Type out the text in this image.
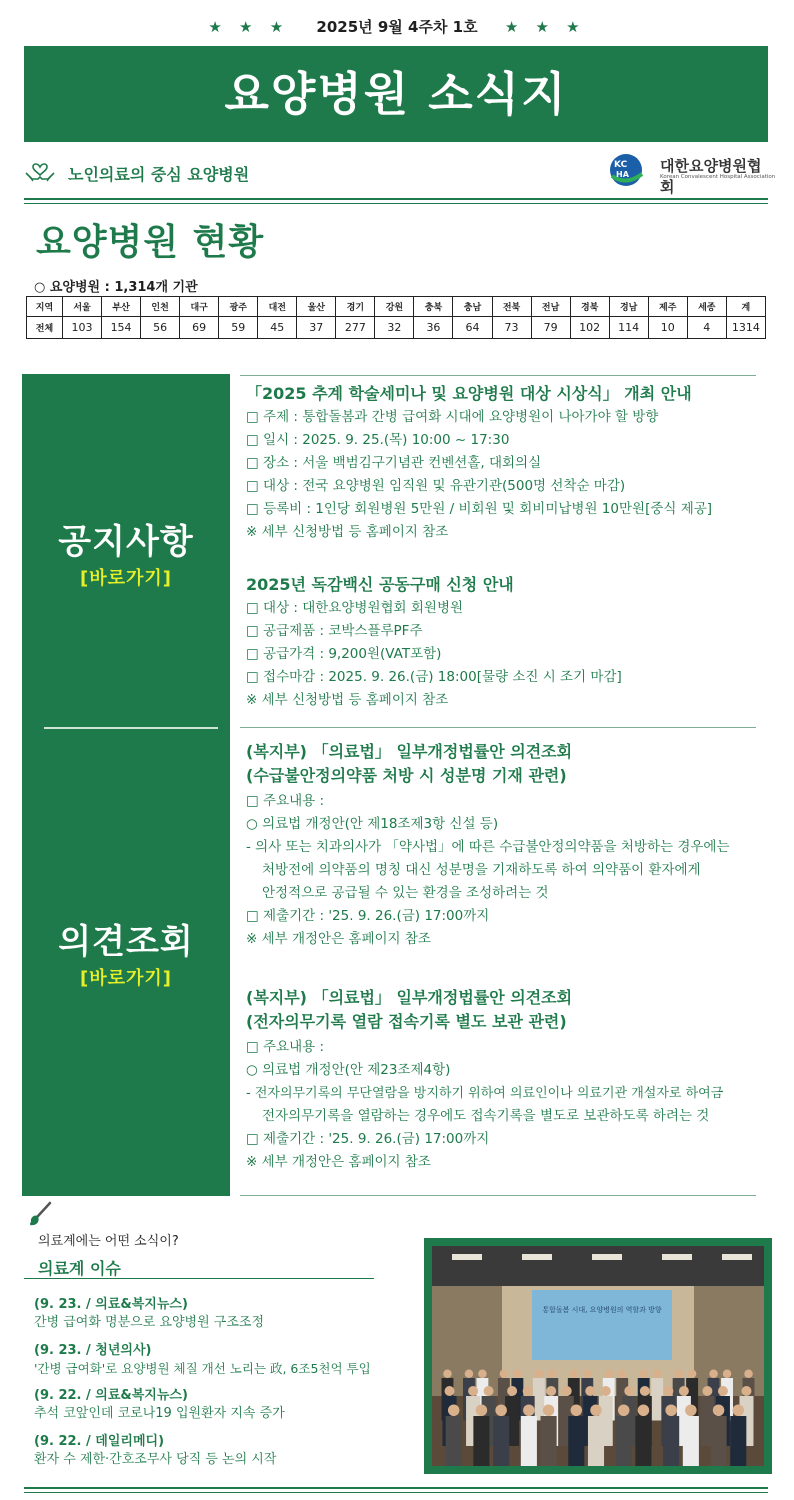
★ ★ ★ 2025년 9월 4주차 1호 ★ ★ ★
요양병원 소식지
노인의료의 중심 요양병원	KC
HA 대한요양병원협회
Korean Convalescent Hospital Association
요양병원 현황
○ 요양병원 : 1,314개 기관
지역	서울	부산	인천	대구	광주	대전	울산	경기	강원	충북	충남	전북	전남	경북	경남	제주	세종	계
전체	103	154	56	69	59	45	37	277	32	36	64	73	79	102	114	10	4	1314
공지사항
[바로가기]
의견조회
[바로가기]
「2025 추계 학술세미나 및 요양병원 대상 시상식」 개최 안내
□ 주제 : 통합돌봄과 간병 급여화 시대에 요양병원이 나아가야 할 방향
□ 일시 : 2025. 9. 25.(목) 10:00 ~ 17:30
□ 장소 : 서울 백범김구기념관 컨벤션홀, 대회의실
□ 대상 : 전국 요양병원 임직원 및 유관기관(500명 선착순 마감)
□ 등록비 : 1인당 회원병원 5만원 / 비회원 및 회비미납병원 10만원[중식 제공]
※ 세부 신청방법 등 홈페이지 참조
2025년 독감백신 공동구매 신청 안내
□ 대상 : 대한요양병원협회 회원병원
□ 공급제품 : 코박스플루PF주
□ 공급가격 : 9,200원(VAT포함)
□ 접수마감 : 2025. 9. 26.(금) 18:00[물량 소진 시 조기 마감]
※ 세부 신청방법 등 홈페이지 참조
(복지부) 「의료법」 일부개정법률안 의견조회
(수급불안정의약품 처방 시 성분명 기재 관련)
□ 주요내용 :
○ 의료법 개정안(안 제18조제3항 신설 등)
- 의사 또는 치과의사가 「약사법」에 따른 수급불안정의약품을 처방하는 경우에는
처방전에 의약품의 명칭 대신 성분명을 기재하도록 하여 의약품이 환자에게
안정적으로 공급될 수 있는 환경을 조성하려는 것
□ 제출기간 : '25. 9. 26.(금) 17:00까지
※ 세부 개정안은 홈페이지 참조
(복지부) 「의료법」 일부개정법률안 의견조회
(전자의무기록 열람 접속기록 별도 보관 관련)
□ 주요내용 :
○ 의료법 개정안(안 제23조제4항)
- 전자의무기록의 무단열람을 방지하기 위하여 의료인이나 의료기관 개설자로 하여금
전자의무기록을 열람하는 경우에도 접속기록을 별도로 보관하도록 하려는 것
□ 제출기간 : '25. 9. 26.(금) 17:00까지
※ 세부 개정안은 홈페이지 참조
의료계에는 어떤 소식이?
의료계 이슈
(9. 23. / 의료&복지뉴스)
간병 급여화 명분으로 요양병원 구조조정
(9. 23. / 청년의사)
'간병 급여화'로 요양병원 체질 개선 노리는 政, 6조5천억 투입
(9. 22. / 의료&복지뉴스)
추석 코앞인데 코로나19 입원환자 지속 증가
(9. 22. / 데일리메디)
환자 수 제한·간호조무사 당직 등 논의 시작
통합돌봄 시대, 요양병원의 역할과 방향
